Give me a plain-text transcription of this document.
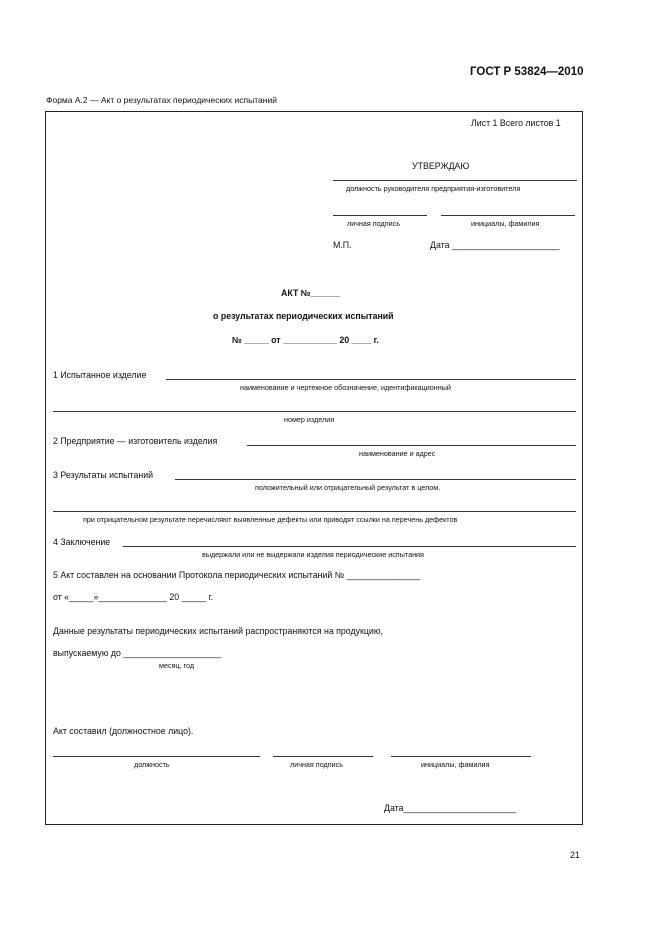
ГОСТ Р 53824—2010
Форма А.2 — Акт о результатах периодических испытаний
Лист 1 Всего листов 1
УТВЕРЖДАЮ
должность руководителя предприятия-изготовителя
личная подпись	инициалы, фамилия
М.П.	Дата ______________________
АКТ №______
о результатах периодических испытаний
№ _____ от ___________ 20 ____ г.
1 Испытанное изделие
наименование и чертежное обозначение, идентификационный
номер изделия
2 Предприятие — изготовитель изделия
наименование и адрес
3 Результаты испытаний
положительный или отрицательный результат в целом.
при отрицательном результате перечисляют выявленные дефекты или приводят ссылки на перечень дефектов
4 Заключение
выдержали или не выдержали изделия периодические испытания
5 Акт составлен на основании Протокола периодических испытаний № _______________
от «_____»______________ 20 _____ г.
Данные результаты периодических испытаний распространяются на продукцию,
выпускаемую до ____________________
месяц, год
Акт составил (должностное лицо).
должность	личная подпись	инициалы, фамилия
Дата_______________________
21
